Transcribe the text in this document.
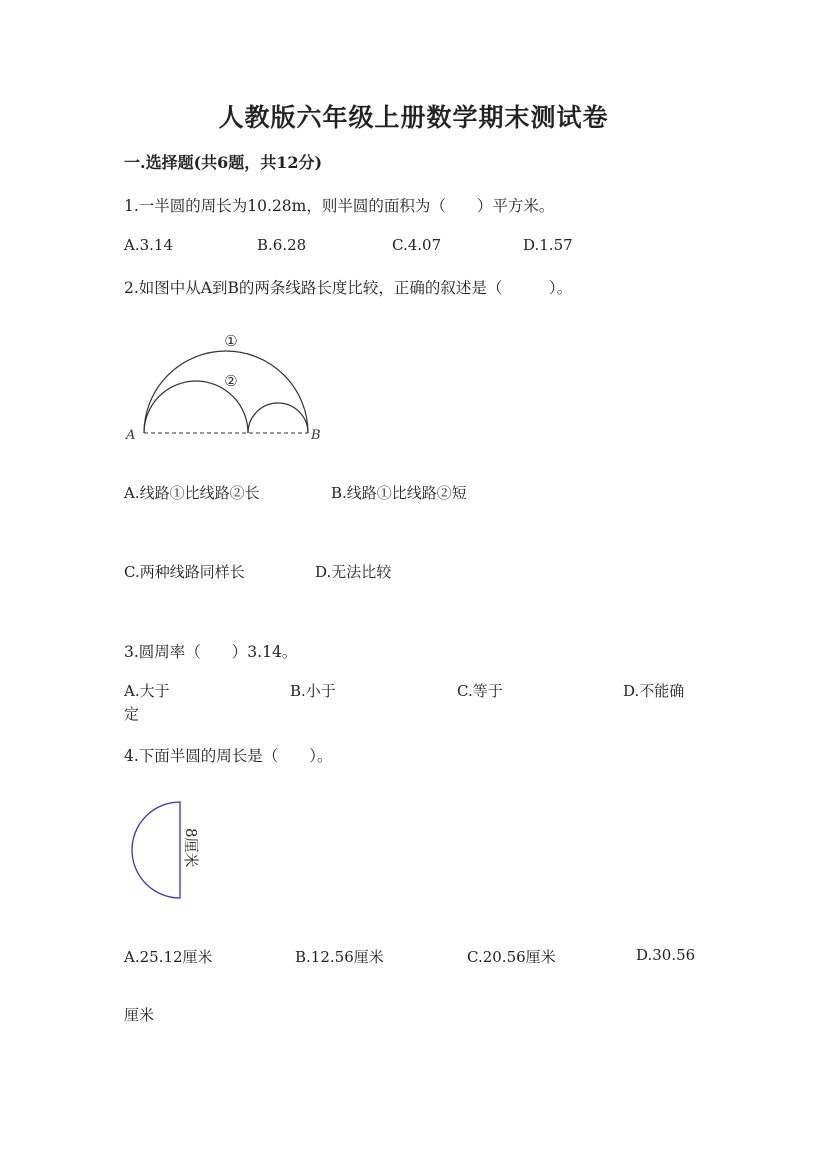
人教版六年级上册数学期末测试卷
一.选择题(共6题，共12分)
1.一半圆的周长为10.28m，则半圆的面积为（　　）平方米。
A.3.14	B.6.28	C.4.07	D.1.57
2.如图中从A到B的两条线路长度比较，正确的叙述是（　　　）。
①
②
A	B
A.线路①比线路②长	B.线路①比线路②短
C.两种线路同样长	D.无法比较
3.圆周率（　　）3.14。
A.大于	B.小于	C.等于	D.不能确
定
4.下面半圆的周长是（　　）。
8厘米
A.25.12厘米	B.12.56厘米	C.20.56厘米	D.30.56
厘米
